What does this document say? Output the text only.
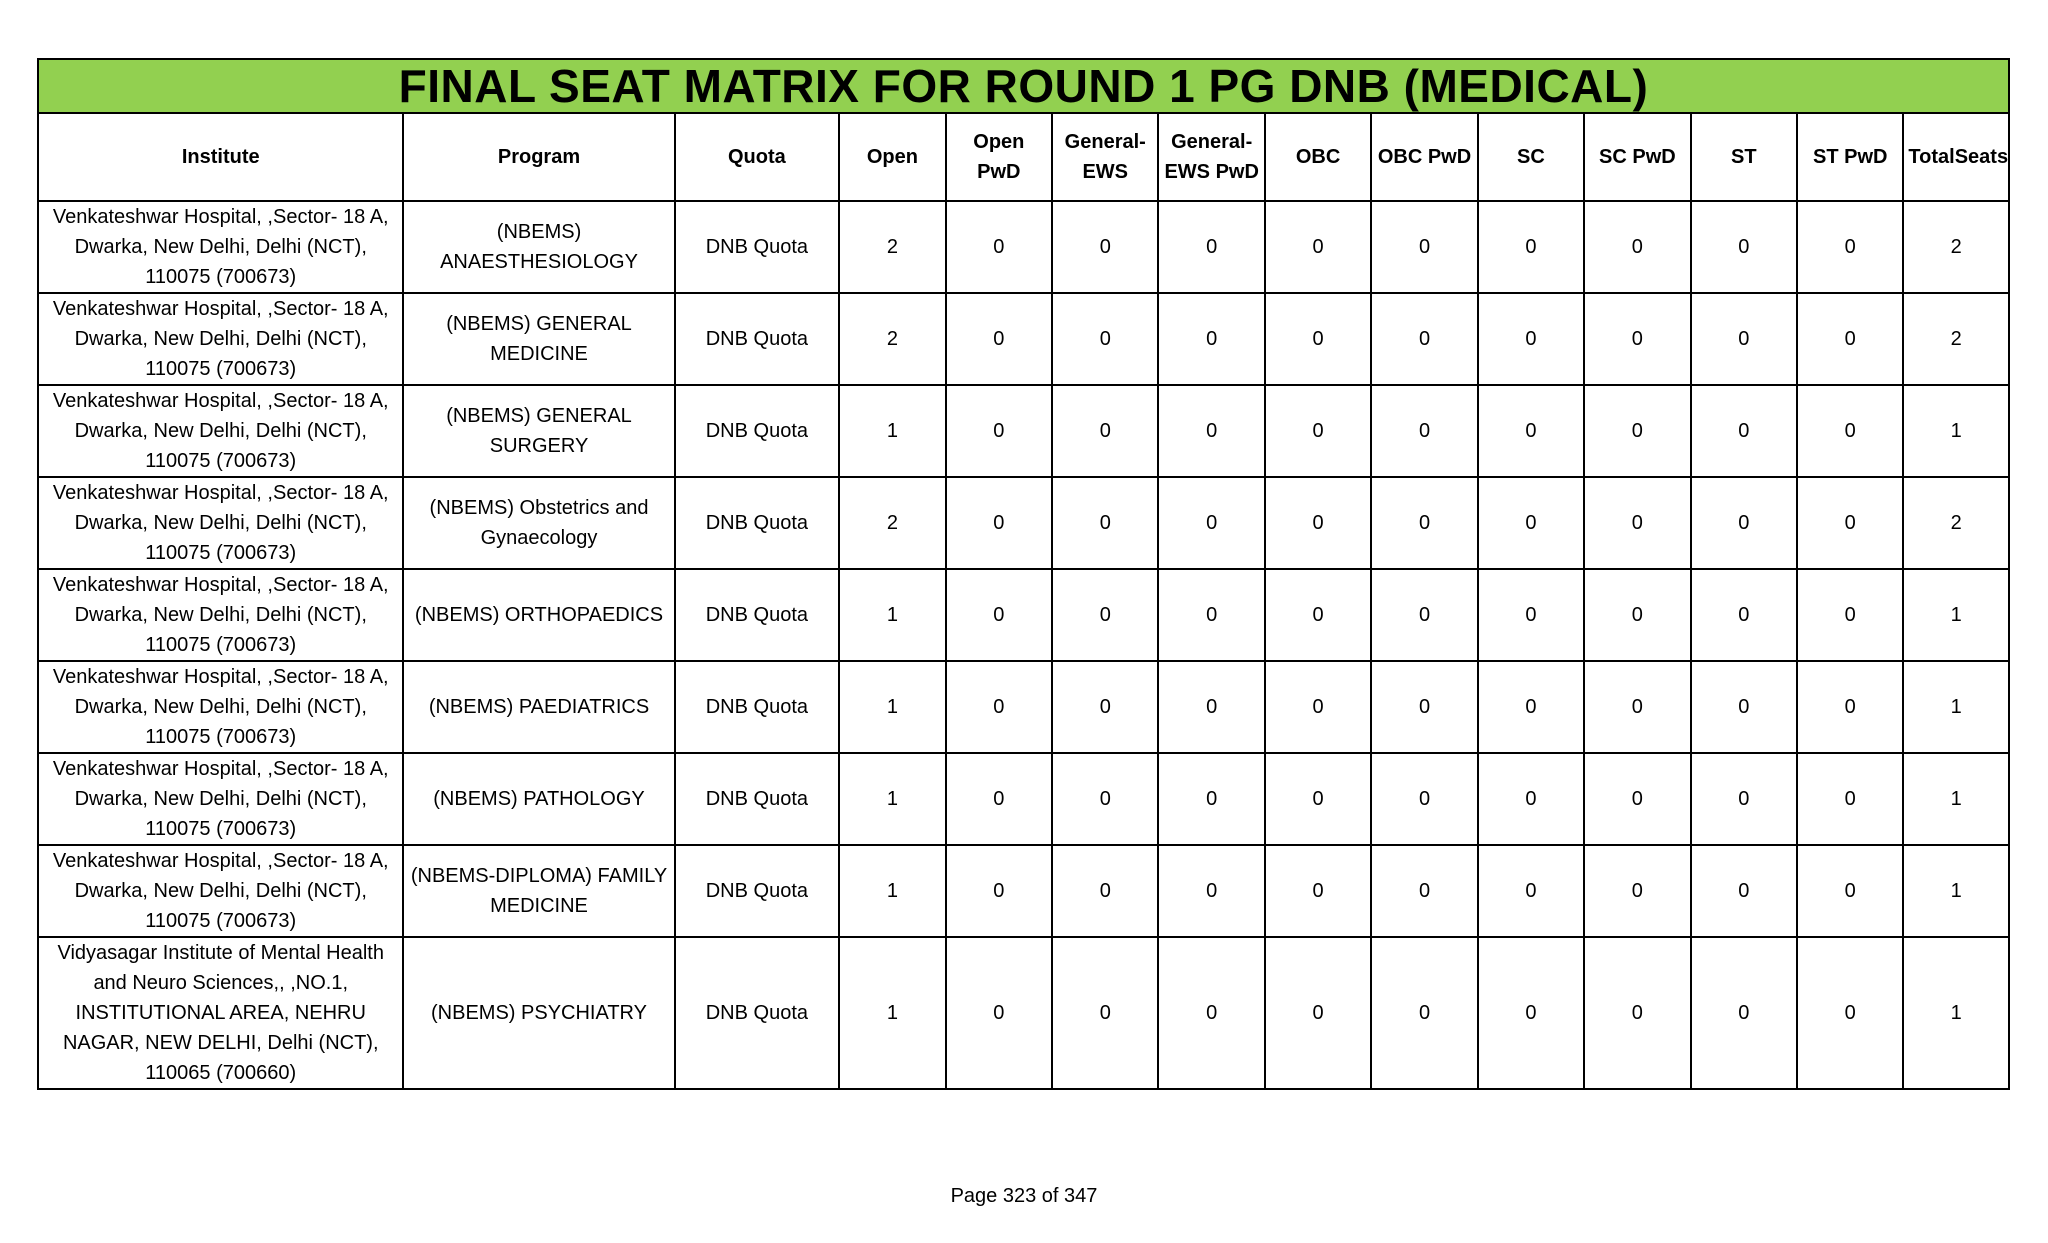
FINAL SEAT MATRIX FOR ROUND 1 PG DNB (MEDICAL)													
Institute	Program	Quota	Open	Open PwD	General-EWS	General-EWS PwD	OBC	OBC PwD	SC	SC PwD	ST	ST PwD	TotalSeats
Venkateshwar Hospital, ,Sector- 18 A, Dwarka, New Delhi, Delhi (NCT), 110075 (700673)	(NBEMS) ANAESTHESIOLOGY	DNB Quota	2	0	0	0	0	0	0	0	0	0	2
Venkateshwar Hospital, ,Sector- 18 A, Dwarka, New Delhi, Delhi (NCT), 110075 (700673)	(NBEMS) GENERAL MEDICINE	DNB Quota	2	0	0	0	0	0	0	0	0	0	2
Venkateshwar Hospital, ,Sector- 18 A, Dwarka, New Delhi, Delhi (NCT), 110075 (700673)	(NBEMS) GENERAL SURGERY	DNB Quota	1	0	0	0	0	0	0	0	0	0	1
Venkateshwar Hospital, ,Sector- 18 A, Dwarka, New Delhi, Delhi (NCT), 110075 (700673)	(NBEMS) Obstetrics and Gynaecology	DNB Quota	2	0	0	0	0	0	0	0	0	0	2
Venkateshwar Hospital, ,Sector- 18 A, Dwarka, New Delhi, Delhi (NCT), 110075 (700673)	(NBEMS) ORTHOPAEDICS	DNB Quota	1	0	0	0	0	0	0	0	0	0	1
Venkateshwar Hospital, ,Sector- 18 A, Dwarka, New Delhi, Delhi (NCT), 110075 (700673)	(NBEMS) PAEDIATRICS	DNB Quota	1	0	0	0	0	0	0	0	0	0	1
Venkateshwar Hospital, ,Sector- 18 A, Dwarka, New Delhi, Delhi (NCT), 110075 (700673)	(NBEMS) PATHOLOGY	DNB Quota	1	0	0	0	0	0	0	0	0	0	1
Venkateshwar Hospital, ,Sector- 18 A, Dwarka, New Delhi, Delhi (NCT), 110075 (700673)	(NBEMS-DIPLOMA) FAMILY MEDICINE	DNB Quota	1	0	0	0	0	0	0	0	0	0	1
Vidyasagar Institute of Mental Health and Neuro Sciences,, ,NO.1, INSTITUTIONAL AREA, NEHRU NAGAR, NEW DELHI, Delhi (NCT), 110065 (700660)	(NBEMS) PSYCHIATRY	DNB Quota	1	0	0	0	0	0	0	0	0	0	1
Page 323 of 347
